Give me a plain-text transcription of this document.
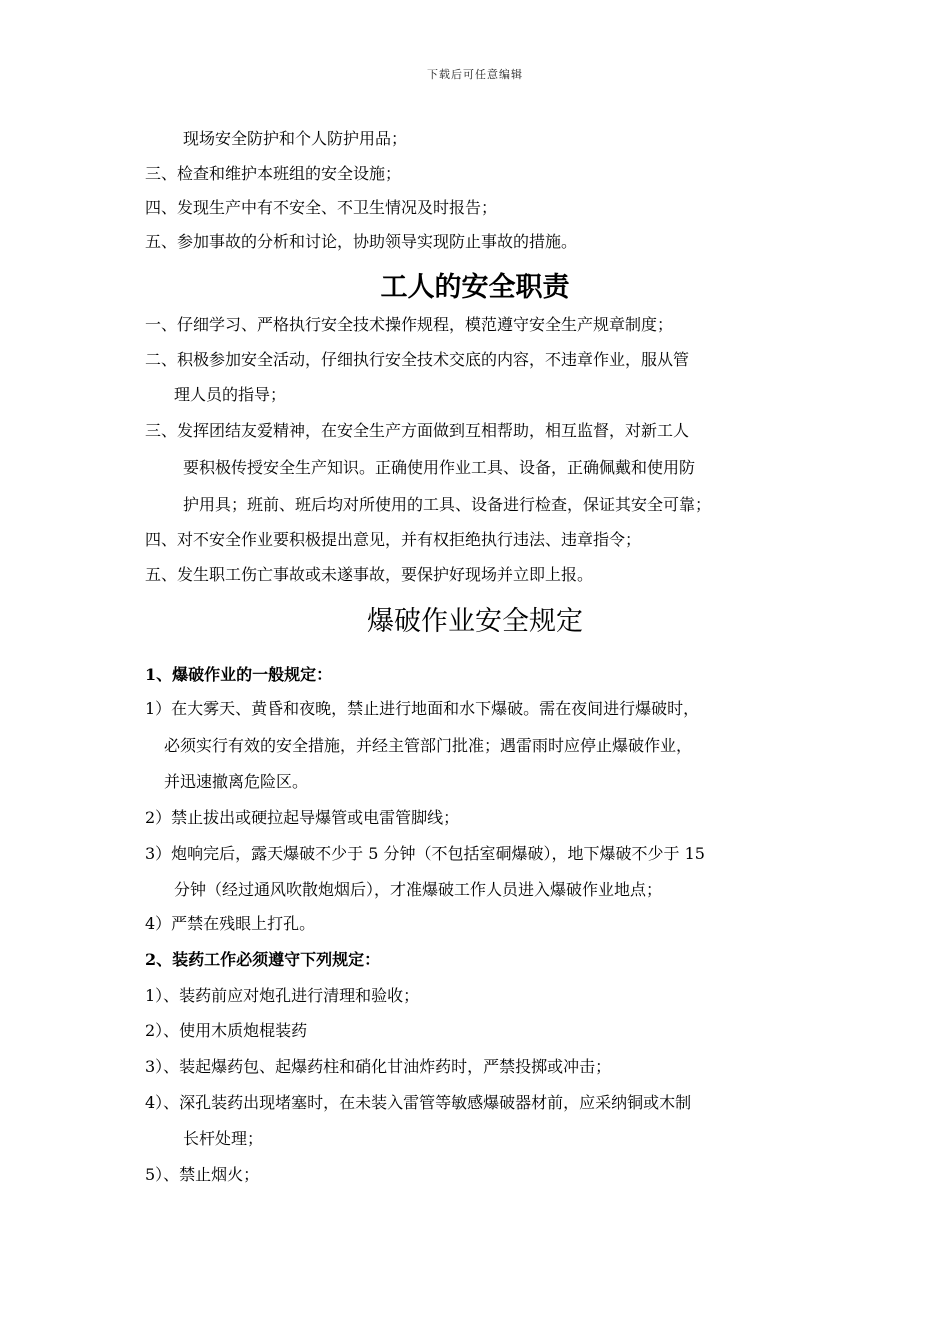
下载后可任意编辑
现场安全防护和个人防护用品；
三、检查和维护本班组的安全设施；
四、发现生产中有不安全、不卫生情况及时报告；
五、参加事故的分析和讨论，协助领导实现防止事故的措施。
工人的安全职责
一、仔细学习、严格执行安全技术操作规程，模范遵守安全生产规章制度；
二、积极参加安全活动，仔细执行安全技术交底的内容，不违章作业，服从管
理人员的指导；
三、发挥团结友爱精神，在安全生产方面做到互相帮助，相互监督，对新工人
要积极传授安全生产知识。正确使用作业工具、设备，正确佩戴和使用防
护用具；班前、班后均对所使用的工具、设备进行检查，保证其安全可靠；
四、对不安全作业要积极提出意见，并有权拒绝执行违法、违章指令；
五、发生职工伤亡事故或未遂事故，要保护好现场并立即上报。
爆破作业安全规定
1、爆破作业的一般规定：
1）在大雾天、黄昏和夜晚，禁止进行地面和水下爆破。需在夜间进行爆破时，
必须实行有效的安全措施，并经主管部门批准；遇雷雨时应停止爆破作业，
并迅速撤离危险区。
2）禁止拔出或硬拉起导爆管或电雷管脚线；
3）炮响完后，露天爆破不少于 5 分钟（不包括室硐爆破），地下爆破不少于 15
分钟（经过通风吹散炮烟后），才准爆破工作人员进入爆破作业地点；
4）严禁在残眼上打孔。
2、装药工作必须遵守下列规定：
1）、装药前应对炮孔进行清理和验收；
2）、使用木质炮棍装药
3）、装起爆药包、起爆药柱和硝化甘油炸药时，严禁投掷或冲击；
4）、深孔装药出现堵塞时，在未装入雷管等敏感爆破器材前，应采纳铜或木制
长杆处理；
5）、禁止烟火；
